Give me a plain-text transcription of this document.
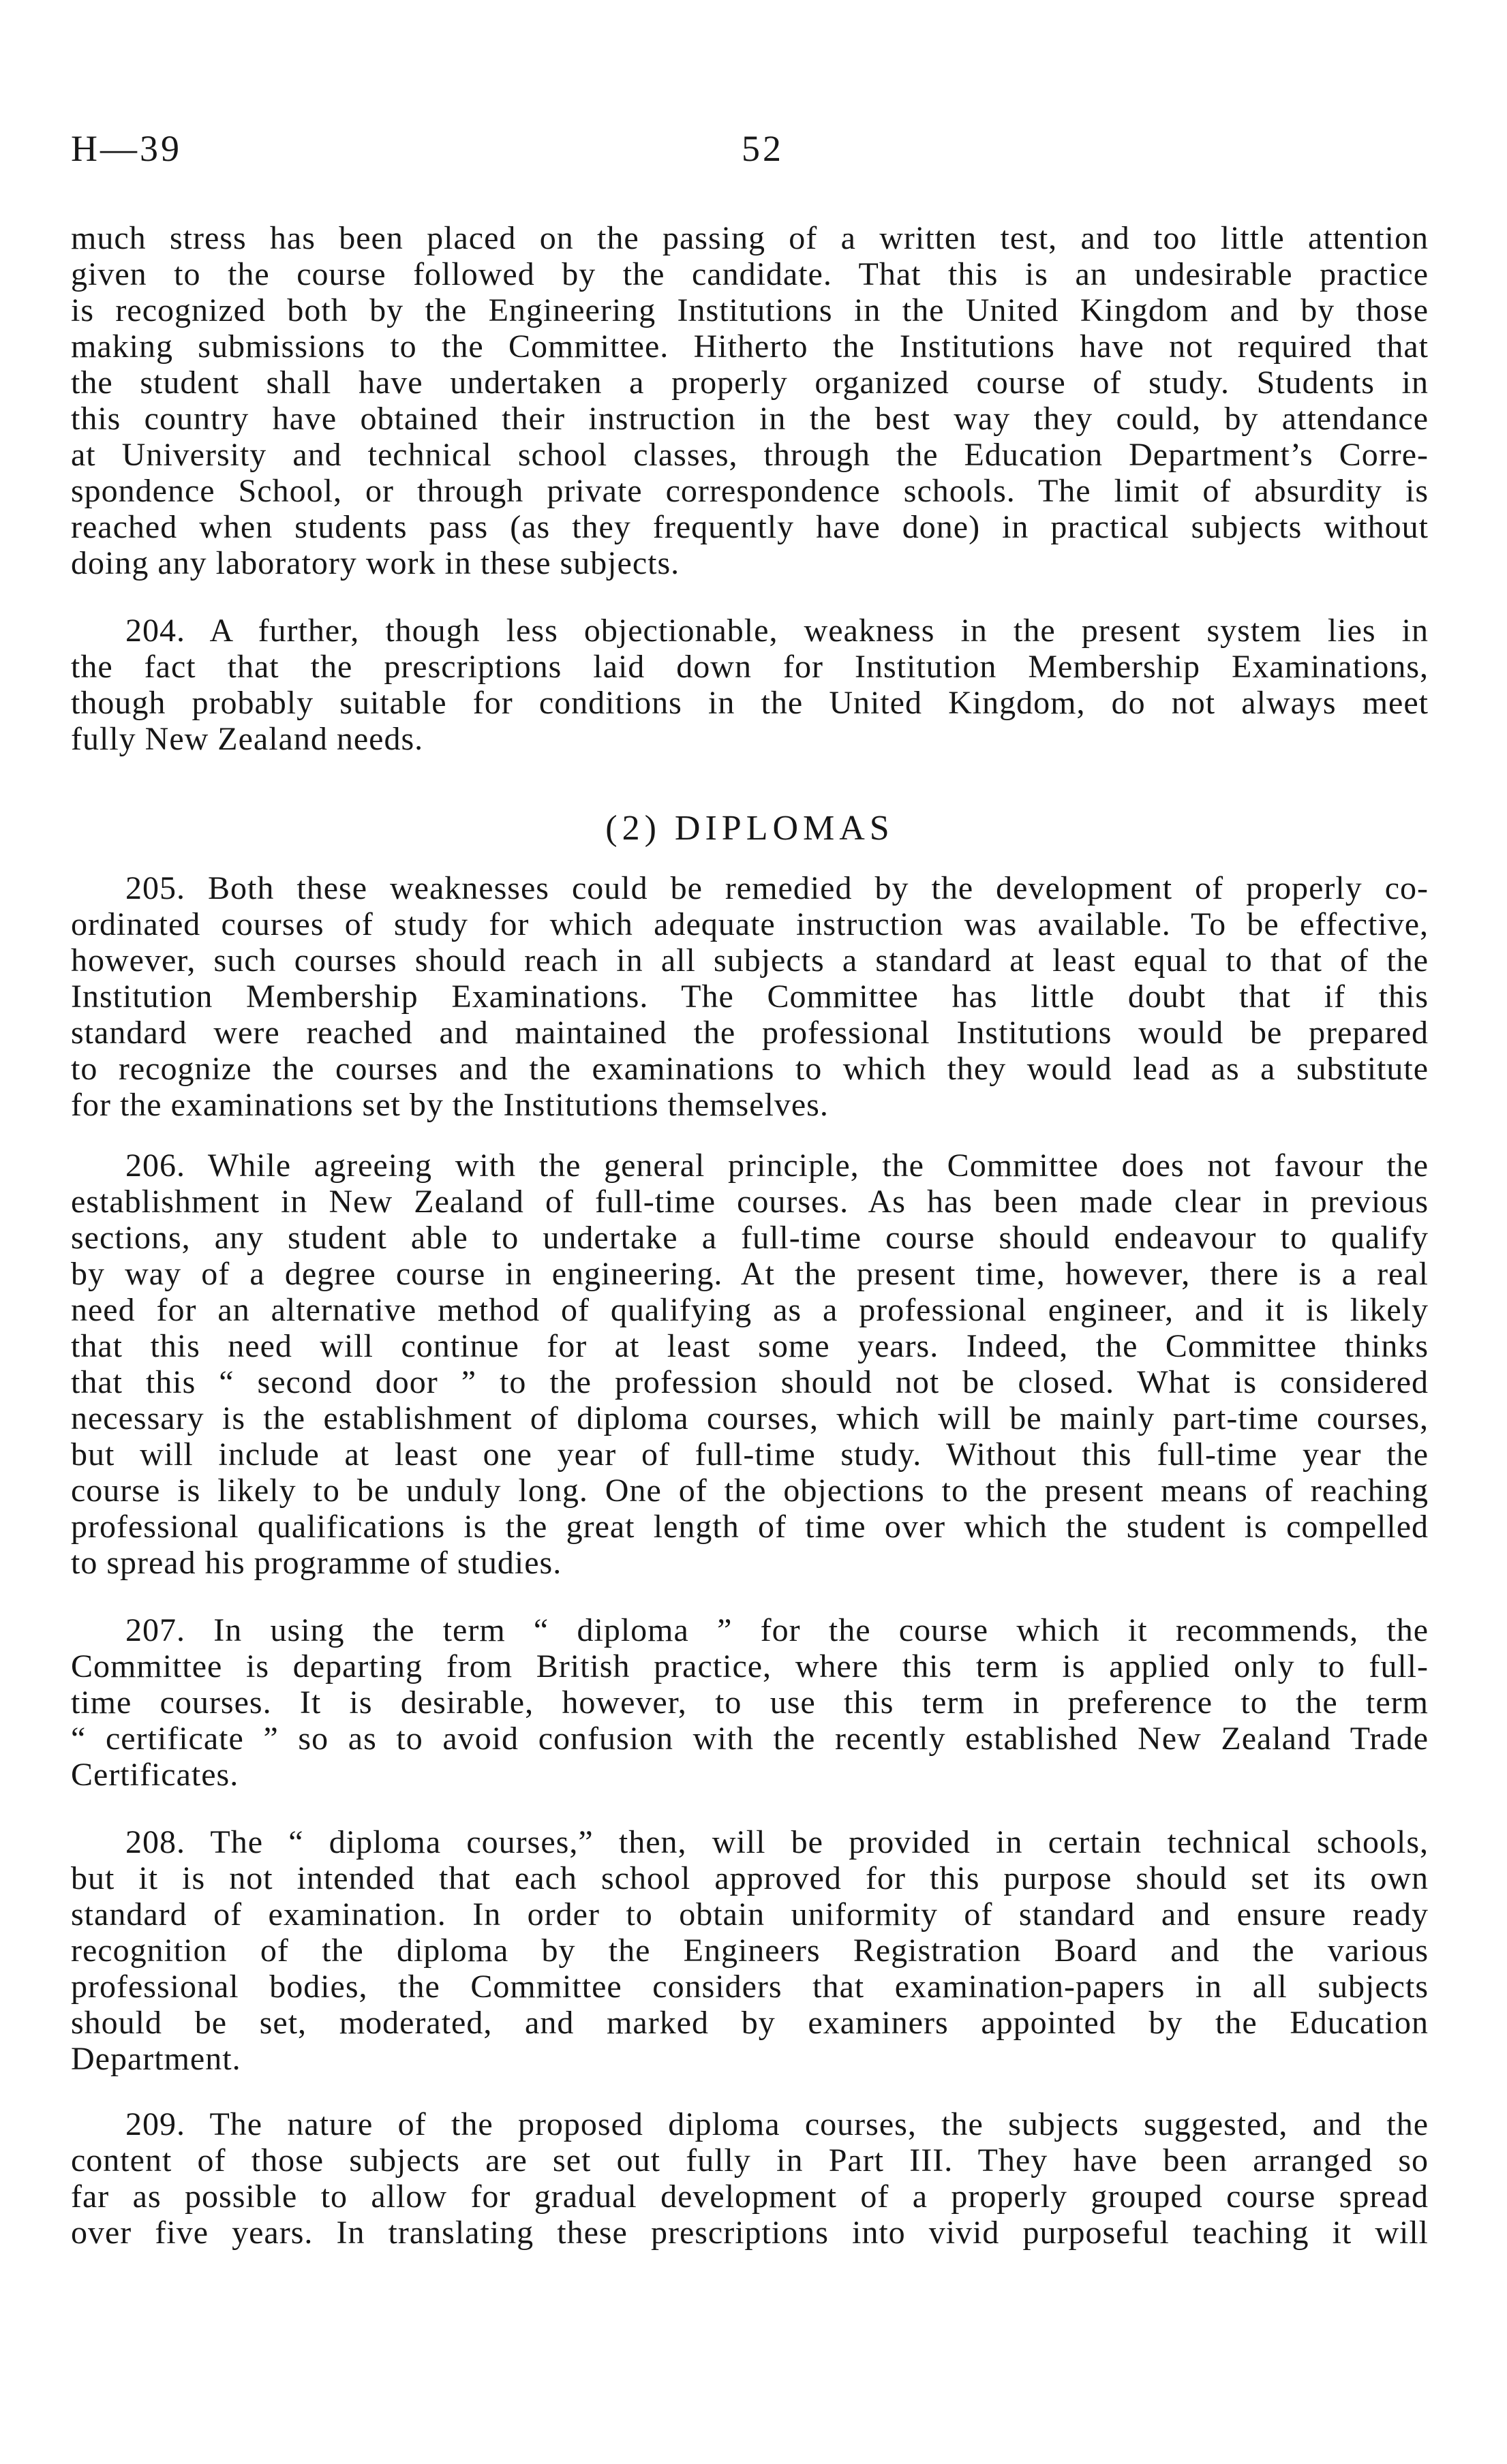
H—39	52
much stress has been placed on the passing of a written test, and too little attention
given to the course followed by the candidate. That this is an undesirable practice
is recognized both by the Engineering Institutions in the United Kingdom and by those
making submissions to the Committee. Hitherto the Institutions have not required that
the student shall have undertaken a properly organized course of study. Students in
this country have obtained their instruction in the best way they could, by attendance
at University and technical school classes, through the Education Department’s Corre-
spondence School, or through private correspondence schools. The limit of absurdity is
reached when students pass (as they frequently have done) in practical subjects without
doing any laboratory work in these subjects.
204. A further, though less objectionable, weakness in the present system lies in
the fact that the prescriptions laid down for Institution Membership Examinations,
though probably suitable for conditions in the United Kingdom, do not always meet
fully New Zealand needs.
(2) DIPLOMAS
205. Both these weaknesses could be remedied by the development of properly co-
ordinated courses of study for which adequate instruction was available. To be effective,
however, such courses should reach in all subjects a standard at least equal to that of the
Institution Membership Examinations. The Committee has little doubt that if this
standard were reached and maintained the professional Institutions would be prepared
to recognize the courses and the examinations to which they would lead as a substitute
for the examinations set by the Institutions themselves.
206. While agreeing with the general principle, the Committee does not favour the
establishment in New Zealand of full-time courses. As has been made clear in previous
sections, any student able to undertake a full-time course should endeavour to qualify
by way of a degree course in engineering. At the present time, however, there is a real
need for an alternative method of qualifying as a professional engineer, and it is likely
that this need will continue for at least some years. Indeed, the Committee thinks
that this “ second door ” to the profession should not be closed. What is considered
necessary is the establishment of diploma courses, which will be mainly part-time courses,
but will include at least one year of full-time study. Without this full-time year the
course is likely to be unduly long. One of the objections to the present means of reaching
professional qualifications is the great length of time over which the student is compelled
to spread his programme of studies.
207. In using the term “ diploma ” for the course which it recommends, the
Committee is departing from British practice, where this term is applied only to full-
time courses. It is desirable, however, to use this term in preference to the term
“ certificate ” so as to avoid confusion with the recently established New Zealand Trade
Certificates.
208. The “ diploma courses,” then, will be provided in certain technical schools,
but it is not intended that each school approved for this purpose should set its own
standard of examination. In order to obtain uniformity of standard and ensure ready
recognition of the diploma by the Engineers Registration Board and the various
professional bodies, the Committee considers that examination-papers in all subjects
should be set, moderated, and marked by examiners appointed by the Education
Department.
209. The nature of the proposed diploma courses, the subjects suggested, and the
content of those subjects are set out fully in Part III. They have been arranged so
far as possible to allow for gradual development of a properly grouped course spread
over five years. In translating these prescriptions into vivid purposeful teaching it will
